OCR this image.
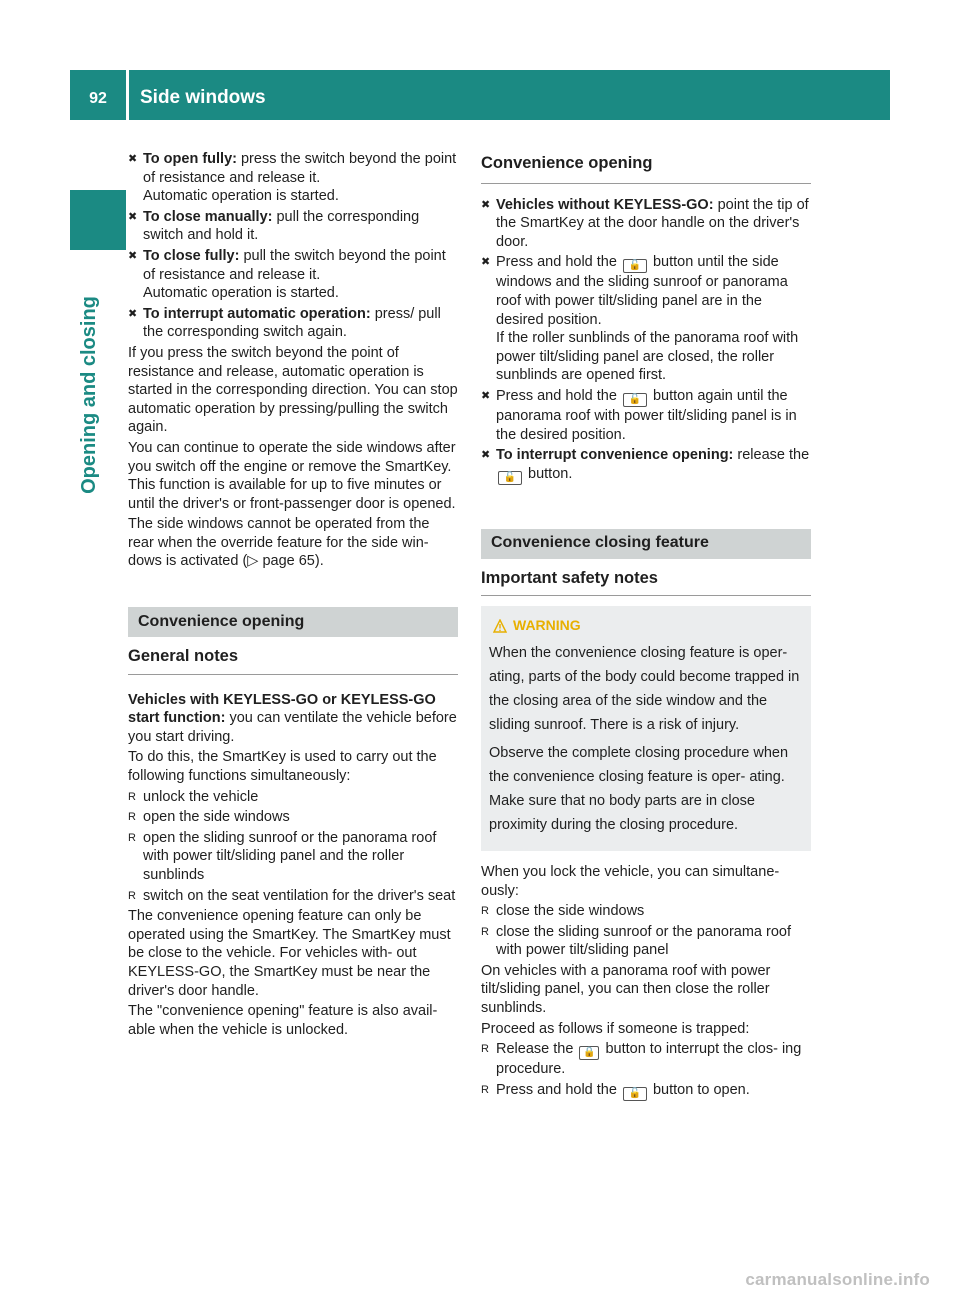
92	Side windows
Opening and closing
✖ To open fully: press the switch beyond the point of resistance and release it.
Automatic operation is started.
✖ To close manually: pull the corresponding switch and hold it.
✖ To close fully: pull the switch beyond the point of resistance and release it.
Automatic operation is started.
✖ To interrupt automatic operation: press/ pull the corresponding switch again.

If you press the switch beyond the point of resistance and release, automatic operation is started in the corresponding direction. You can stop automatic operation by pressing/pulling the switch again.

You can continue to operate the side windows after you switch off the engine or remove the SmartKey. This function is available for up to five minutes or until the driver's or front-passenger door is opened.

The side windows cannot be operated from the rear when the override feature for the side win- dows is activated (▷ page 65).

Convenience opening
General notes

Vehicles with KEYLESS-GO or KEYLESS-GO start function: you can ventilate the vehicle before you start driving.

To do this, the SmartKey is used to carry out the following functions simultaneously:

R unlock the vehicle
R open the side windows
R open the sliding sunroof or the panorama roof with power tilt/sliding panel and the roller sunblinds
R switch on the seat ventilation for the driver's seat

The convenience opening feature can only be operated using the SmartKey. The SmartKey must be close to the vehicle. For vehicles with- out KEYLESS-GO, the SmartKey must be near the driver's door handle.

The "convenience opening" feature is also avail- able when the vehicle is unlocked.

Convenience opening
✖ Vehicles without KEYLESS-GO: point the tip of the SmartKey at the door handle on the driver's door.
✖ Press and hold the 🔓 button until the side windows and the sliding sunroof or panorama roof with power tilt/sliding panel are in the desired position.
If the roller sunblinds of the panorama roof with power tilt/sliding panel are closed, the roller sunblinds are opened first.
✖ Press and hold the 🔓 button again until the panorama roof with power tilt/sliding panel is in the desired position.
✖ To interrupt convenience opening: release the 🔓 button.
Convenience closing feature
Important safety notes
WARNING

When the convenience closing feature is oper- ating, parts of the body could become trapped in the closing area of the side window and the sliding sunroof. There is a risk of injury.

Observe the complete closing procedure when the convenience closing feature is oper- ating. Make sure that no body parts are in close proximity during the closing procedure.

When you lock the vehicle, you can simultane- ously:

R close the side windows
R close the sliding sunroof or the panorama roof with power tilt/sliding panel

On vehicles with a panorama roof with power tilt/sliding panel, you can then close the roller sunblinds.

Proceed as follows if someone is trapped:

R Release the 🔒 button to interrupt the clos- ing procedure.
R Press and hold the 🔓 button to open.
carmanualsonline.info
